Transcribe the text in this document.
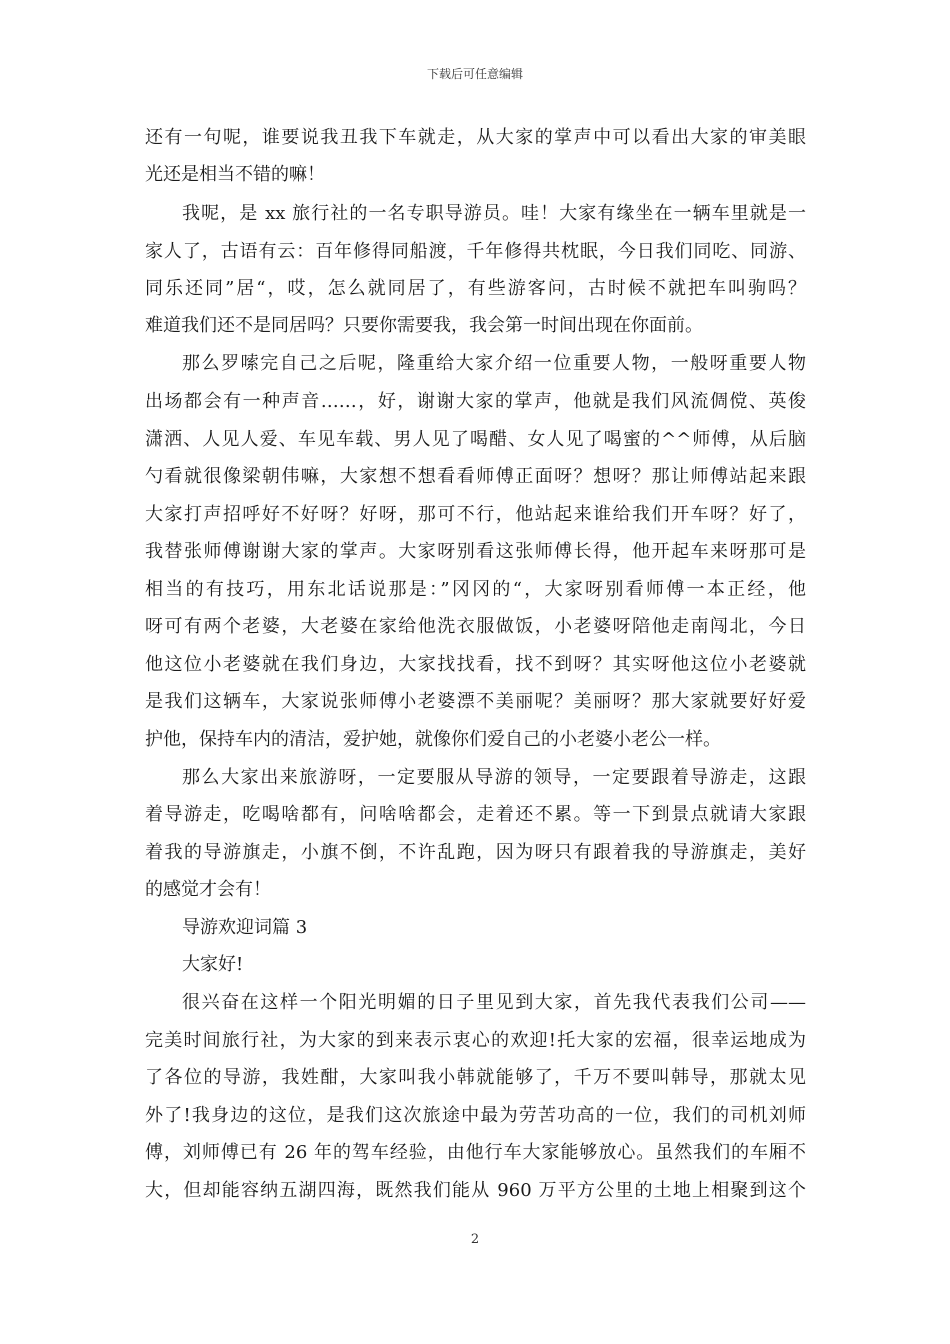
下载后可任意编辑
还有一句呢，谁要说我丑我下车就走，从大家的掌声中可以看出大家的审美眼
光还是相当不错的嘛！
我呢，是 xx 旅行社的一名专职导游员。哇！大家有缘坐在一辆车里就是一
家人了，古语有云：百年修得同船渡，千年修得共枕眠，今日我们同吃、同游、
同乐还同”居“，哎，怎么就同居了，有些游客问，古时候不就把车叫驹吗？
难道我们还不是同居吗？只要你需要我，我会第一时间出现在你面前。
那么罗嗦完自己之后呢，隆重给大家介绍一位重要人物，一般呀重要人物
出场都会有一种声音……，好，谢谢大家的掌声，他就是我们风流倜傥、英俊
潇洒、人见人爱、车见车载、男人见了喝醋、女人见了喝蜜的^^师傅，从后脑
勺看就很像梁朝伟嘛，大家想不想看看师傅正面呀？想呀？那让师傅站起来跟
大家打声招呼好不好呀？好呀，那可不行，他站起来谁给我们开车呀？好了，
我替张师傅谢谢大家的掌声。大家呀别看这张师傅长得，他开起车来呀那可是
相当的有技巧，用东北话说那是：”冈冈的“，大家呀别看师傅一本正经，他
呀可有两个老婆，大老婆在家给他洗衣服做饭，小老婆呀陪他走南闯北，今日
他这位小老婆就在我们身边，大家找找看，找不到呀？其实呀他这位小老婆就
是我们这辆车，大家说张师傅小老婆漂不美丽呢？美丽呀？那大家就要好好爱
护他，保持车内的清洁，爱护她，就像你们爱自己的小老婆小老公一样。
那么大家出来旅游呀，一定要服从导游的领导，一定要跟着导游走，这跟
着导游走，吃喝啥都有，问啥啥都会，走着还不累。等一下到景点就请大家跟
着我的导游旗走，小旗不倒，不许乱跑，因为呀只有跟着我的导游旗走，美好
的感觉才会有！
导游欢迎词篇 3
大家好!
很兴奋在这样一个阳光明媚的日子里见到大家，首先我代表我们公司——
完美时间旅行社，为大家的到来表示衷心的欢迎!托大家的宏福，很幸运地成为
了各位的导游，我姓酣，大家叫我小韩就能够了，千万不要叫韩导，那就太见
外了!我身边的这位，是我们这次旅途中最为劳苦功高的一位，我们的司机刘师
傅，刘师傅已有 26 年的驾车经验，由他行车大家能够放心。虽然我们的车厢不
大，但却能容纳五湖四海，既然我们能从 960 万平方公里的土地上相聚到这个
2
